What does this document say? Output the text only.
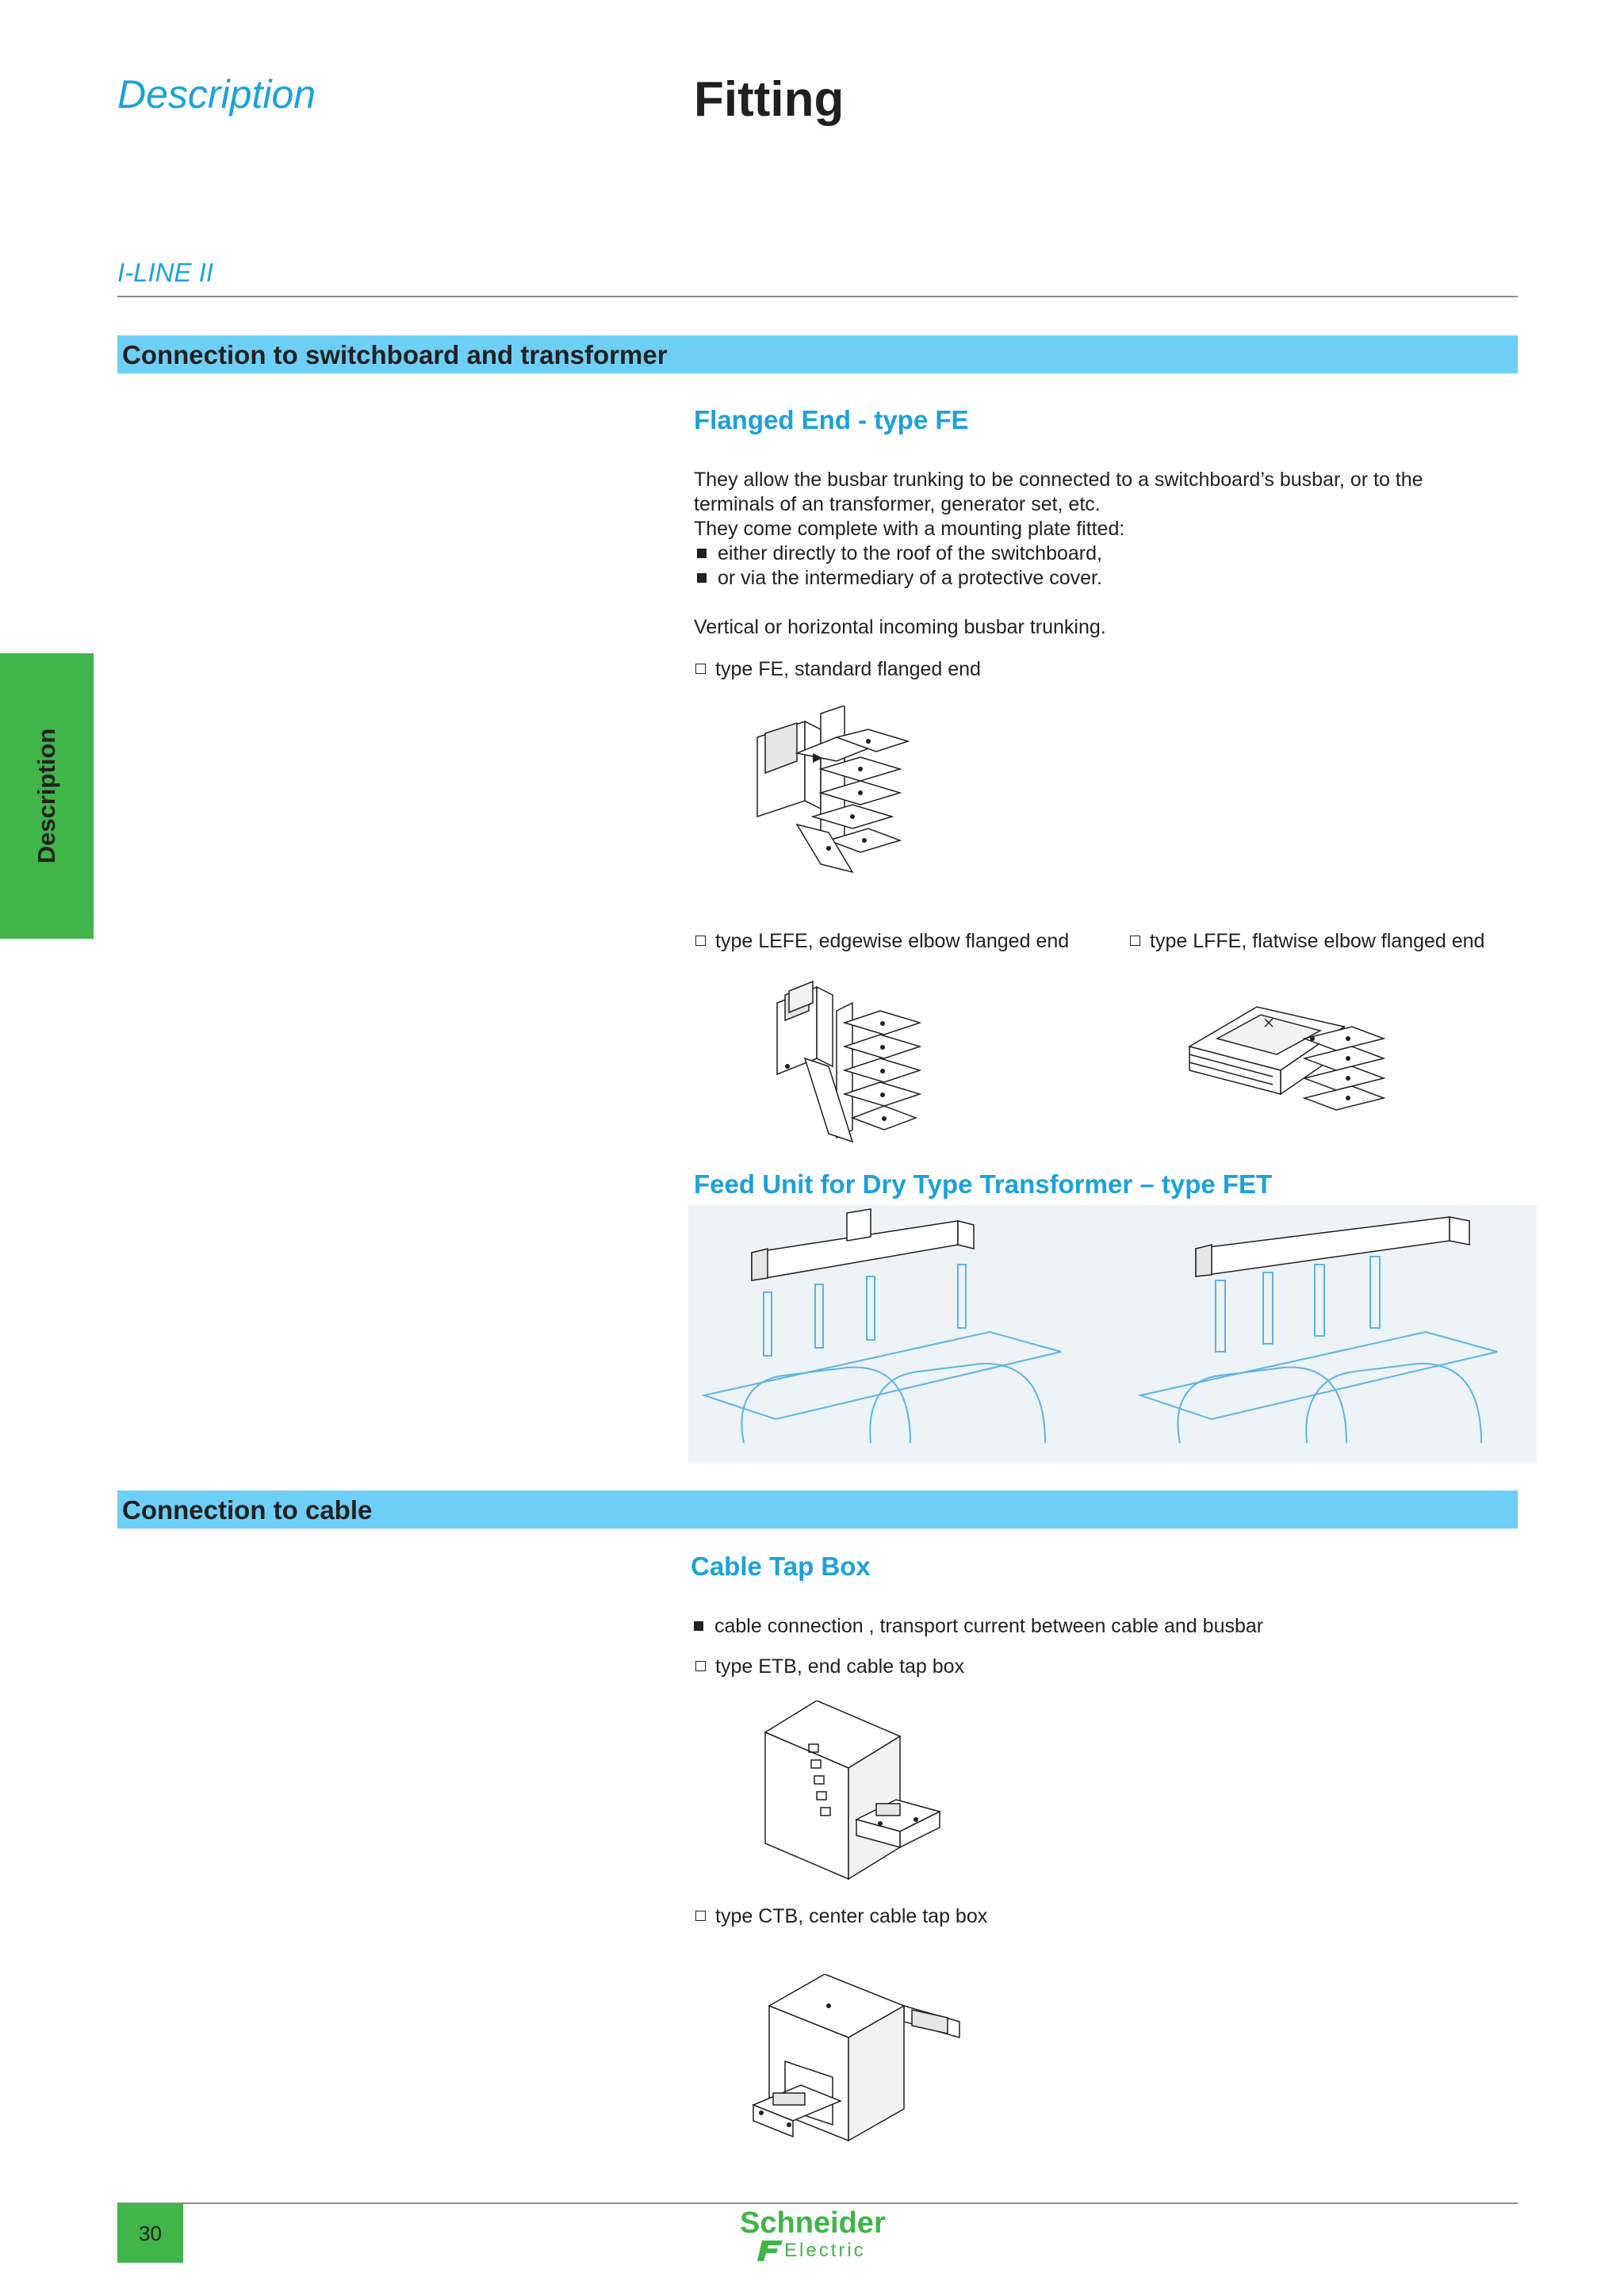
Description	Fitting
I-LINE II
Description
Connection to switchboard and transformer
Flanged End - type FE

They allow the busbar trunking to be connected to a switchboard’s busbar, or to the

terminals of an transformer, generator set, etc.

They come complete with a mounting plate fitted:

either directly to the roof of the switchboard,

or via the intermediary of a protective cover.

Vertical or horizontal incoming busbar trunking.

type FE, standard flanged end
type LEFE, edgewise elbow flanged end	type LFFE, flatwise elbow flanged end
Feed Unit for Dry Type Transformer – type FET
Connection to cable
Cable Tap Box
cable connection , transport current between cable and busbar
type ETB, end cable tap box
type CTB, center cable tap box
30	Schneider
Electric
